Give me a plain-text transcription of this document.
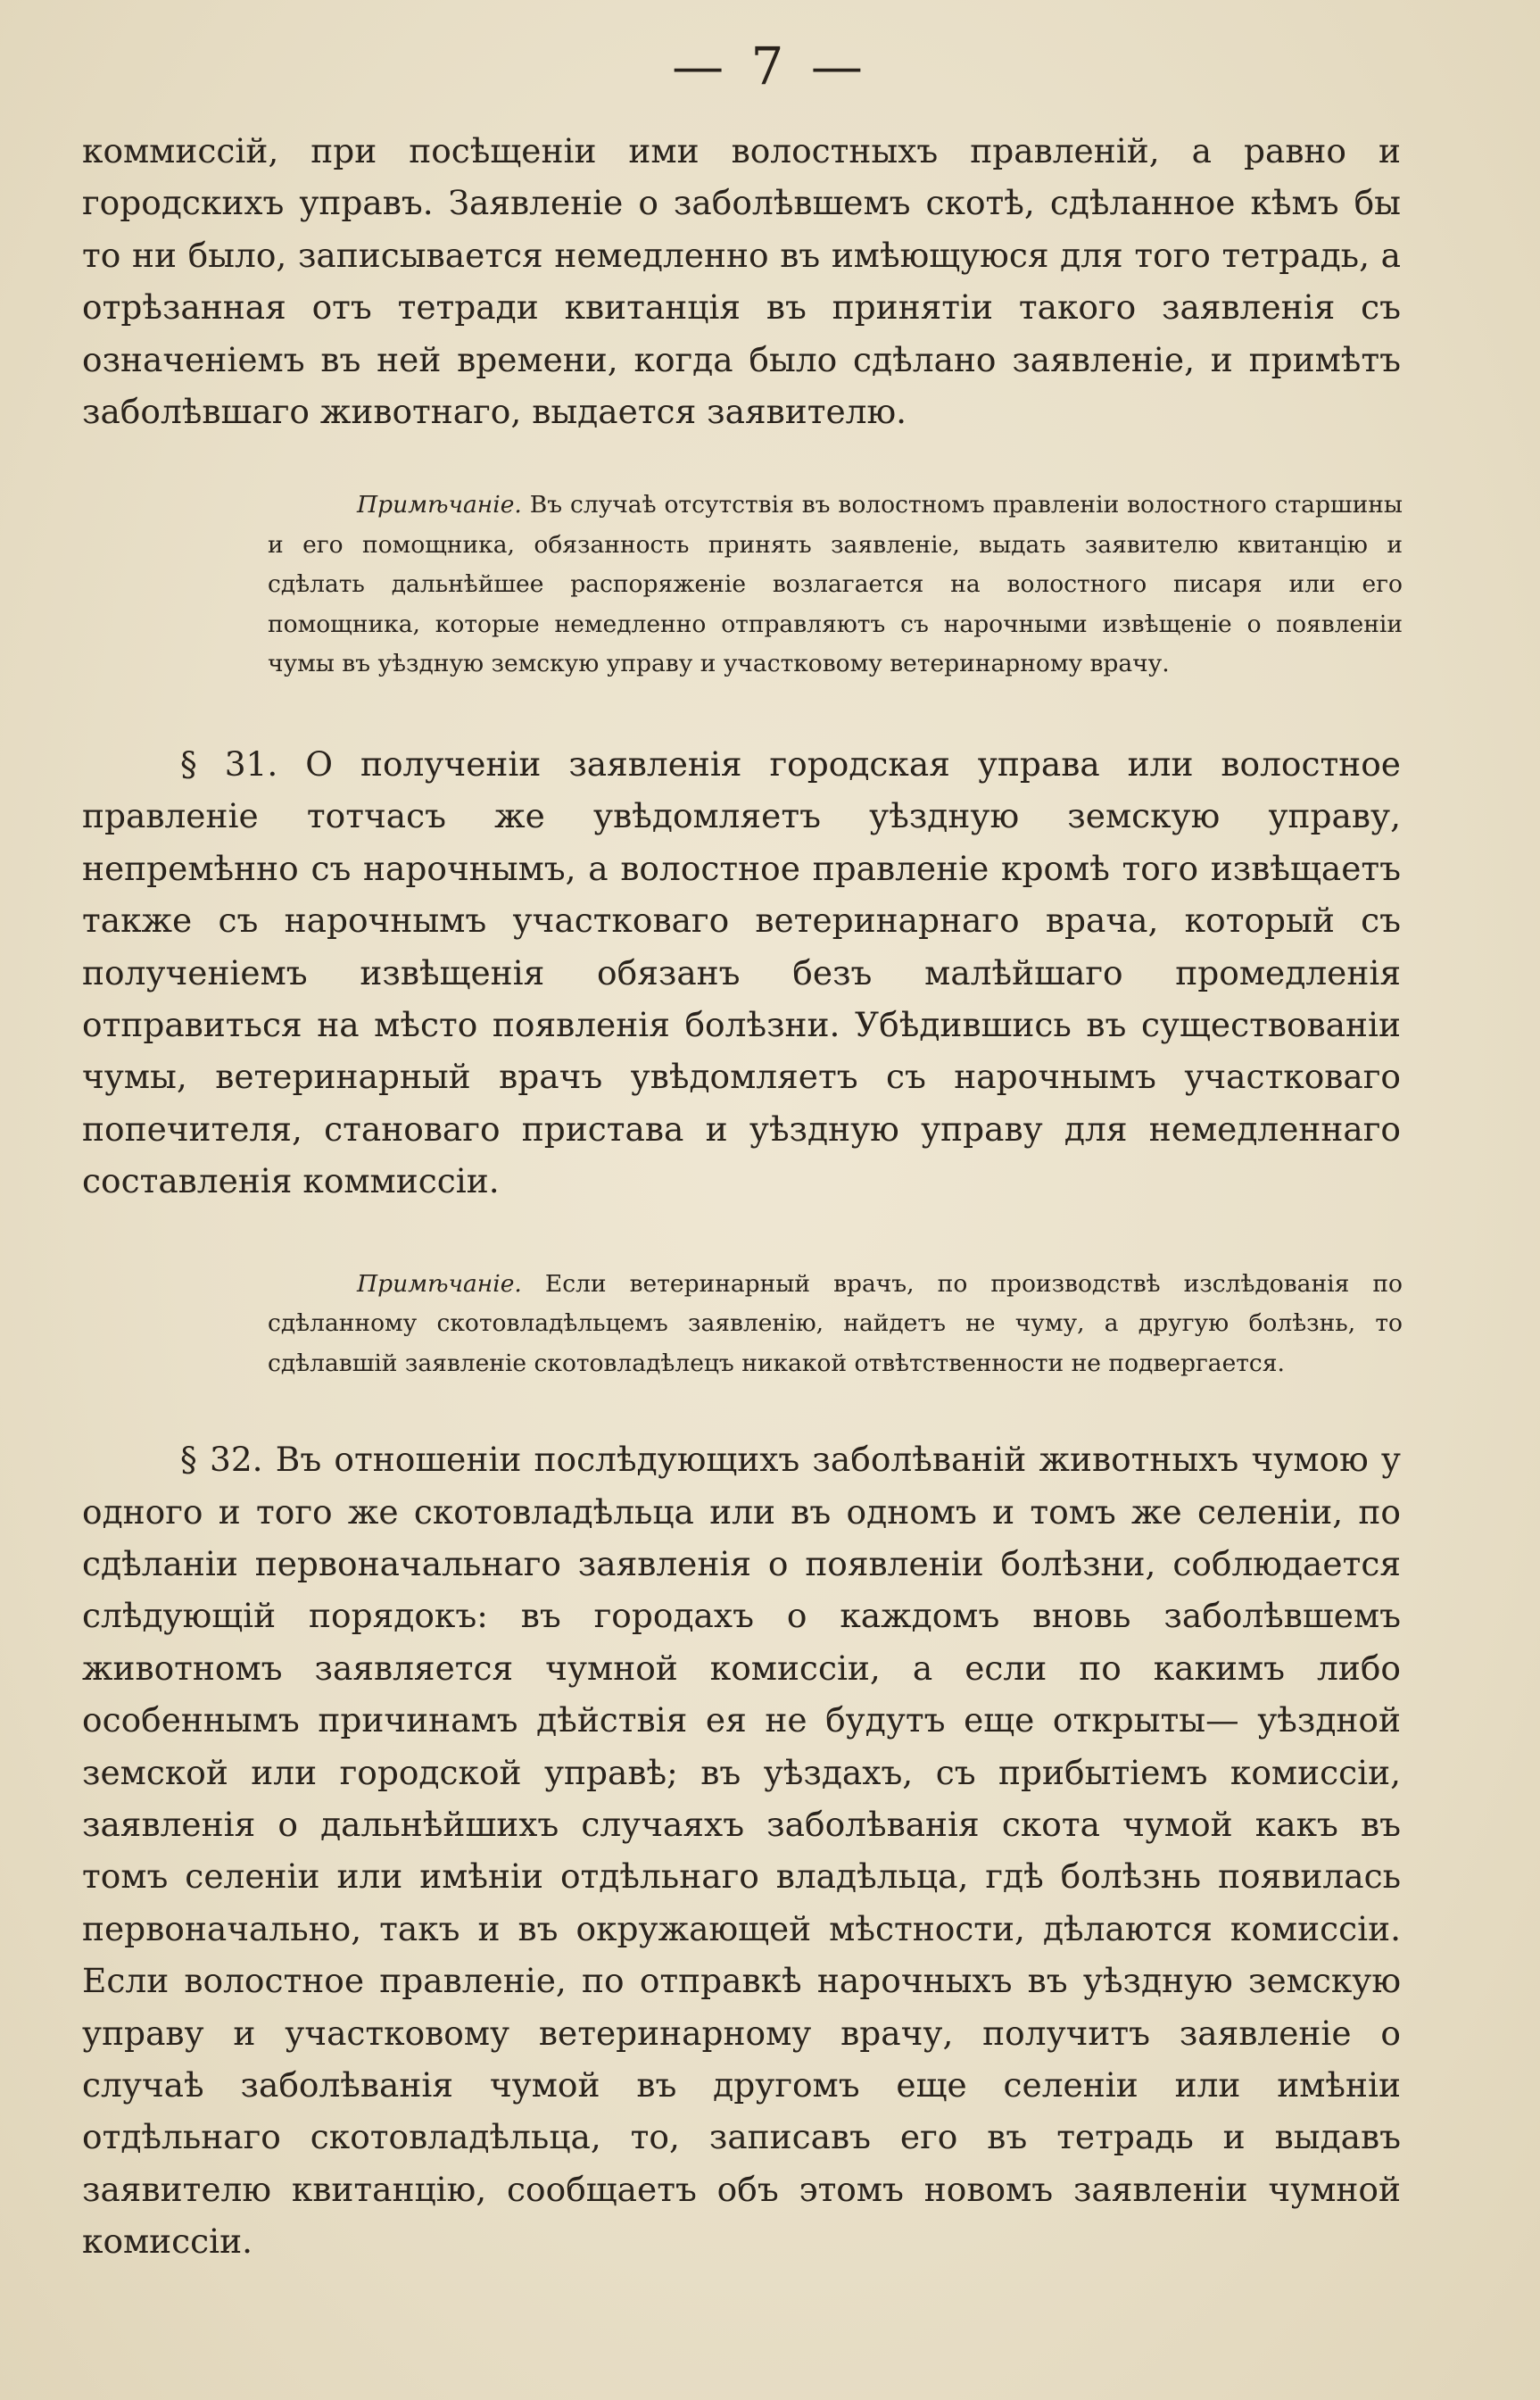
— 7 —

коммиссій, при посѣщеніи ими волостныхъ правленій, а равно и городскихъ управъ. Заявленіе о заболѣвшемъ скотѣ, сдѣланное кѣмъ бы то ни было, записывается немедленно въ имѣющуюся для того тетрадь, а отрѣзанная отъ тетради квитанція въ принятіи такого заявленія съ означеніемъ въ ней времени, когда было сдѣлано заявленіе, и примѣтъ заболѣвшаго животнаго, выдается заявителю.

Примѣчаніе. Въ случаѣ отсутствія въ волостномъ правленіи волостного старшины и его помощника, обязанность принять заявленіе, выдать заявителю квитанцію и сдѣлать дальнѣйшее распоряженіе возлагается на волостного писаря или его помощника, которые немедленно отправляютъ съ нарочными извѣщеніе о появленіи чумы въ уѣздную земскую управу и участковому ветеринарному врачу.

§ 31. О полученіи заявленія городская управа или волостное правленіе тотчасъ же увѣдомляетъ уѣздную земскую управу, непремѣнно съ нарочнымъ, а волостное правленіе кромѣ того извѣщаетъ также съ нарочнымъ участковаго ветеринарнаго врача, который съ полученіемъ извѣщенія обязанъ безъ малѣйшаго промедленія отправиться на мѣсто появленія болѣзни. Убѣдившись въ существованіи чумы, ветеринарный врачъ увѣдомляетъ съ нарочнымъ участковаго попечителя, становаго пристава и уѣздную управу для немедленнаго составленія коммиссіи.

Примѣчаніе. Если ветеринарный врачъ, по производствѣ изслѣдованія по сдѣланному скотовладѣльцемъ заявленію, найдетъ не чуму, а другую болѣзнь, то сдѣлавшій заявленіе скотовладѣлецъ никакой отвѣтственности не подвергается.

§ 32. Въ отношеніи послѣдующихъ заболѣваній животныхъ чумою у одного и того же скотовладѣльца или въ одномъ и томъ же селеніи, по сдѣланіи первоначальнаго заявленія о появленіи болѣзни, соблюдается слѣдующій порядокъ: въ городахъ о каждомъ вновь заболѣвшемъ животномъ заявляется чумной комиссіи, а если по какимъ либо особеннымъ причинамъ дѣйствія ея не будутъ еще открыты— уѣздной земской или городской управѣ; въ уѣздахъ, съ прибытіемъ комиссіи, заявленія о дальнѣйшихъ случаяхъ заболѣванія скота чумой какъ въ томъ селеніи или имѣніи отдѣльнаго владѣльца, гдѣ болѣзнь появилась первоначально, такъ и въ окружающей мѣстности, дѣлаются комиссіи. Если волостное правленіе, по отправкѣ нарочныхъ въ уѣздную земскую управу и участковому ветеринарному врачу, получитъ заявленіе о случаѣ заболѣванія чумой въ другомъ еще селеніи или имѣніи отдѣльнаго скотовладѣльца, то, записавъ его въ тетрадь и выдавъ заявителю квитанцію, сообщаетъ объ этомъ новомъ заявленіи чумной комиссіи.
